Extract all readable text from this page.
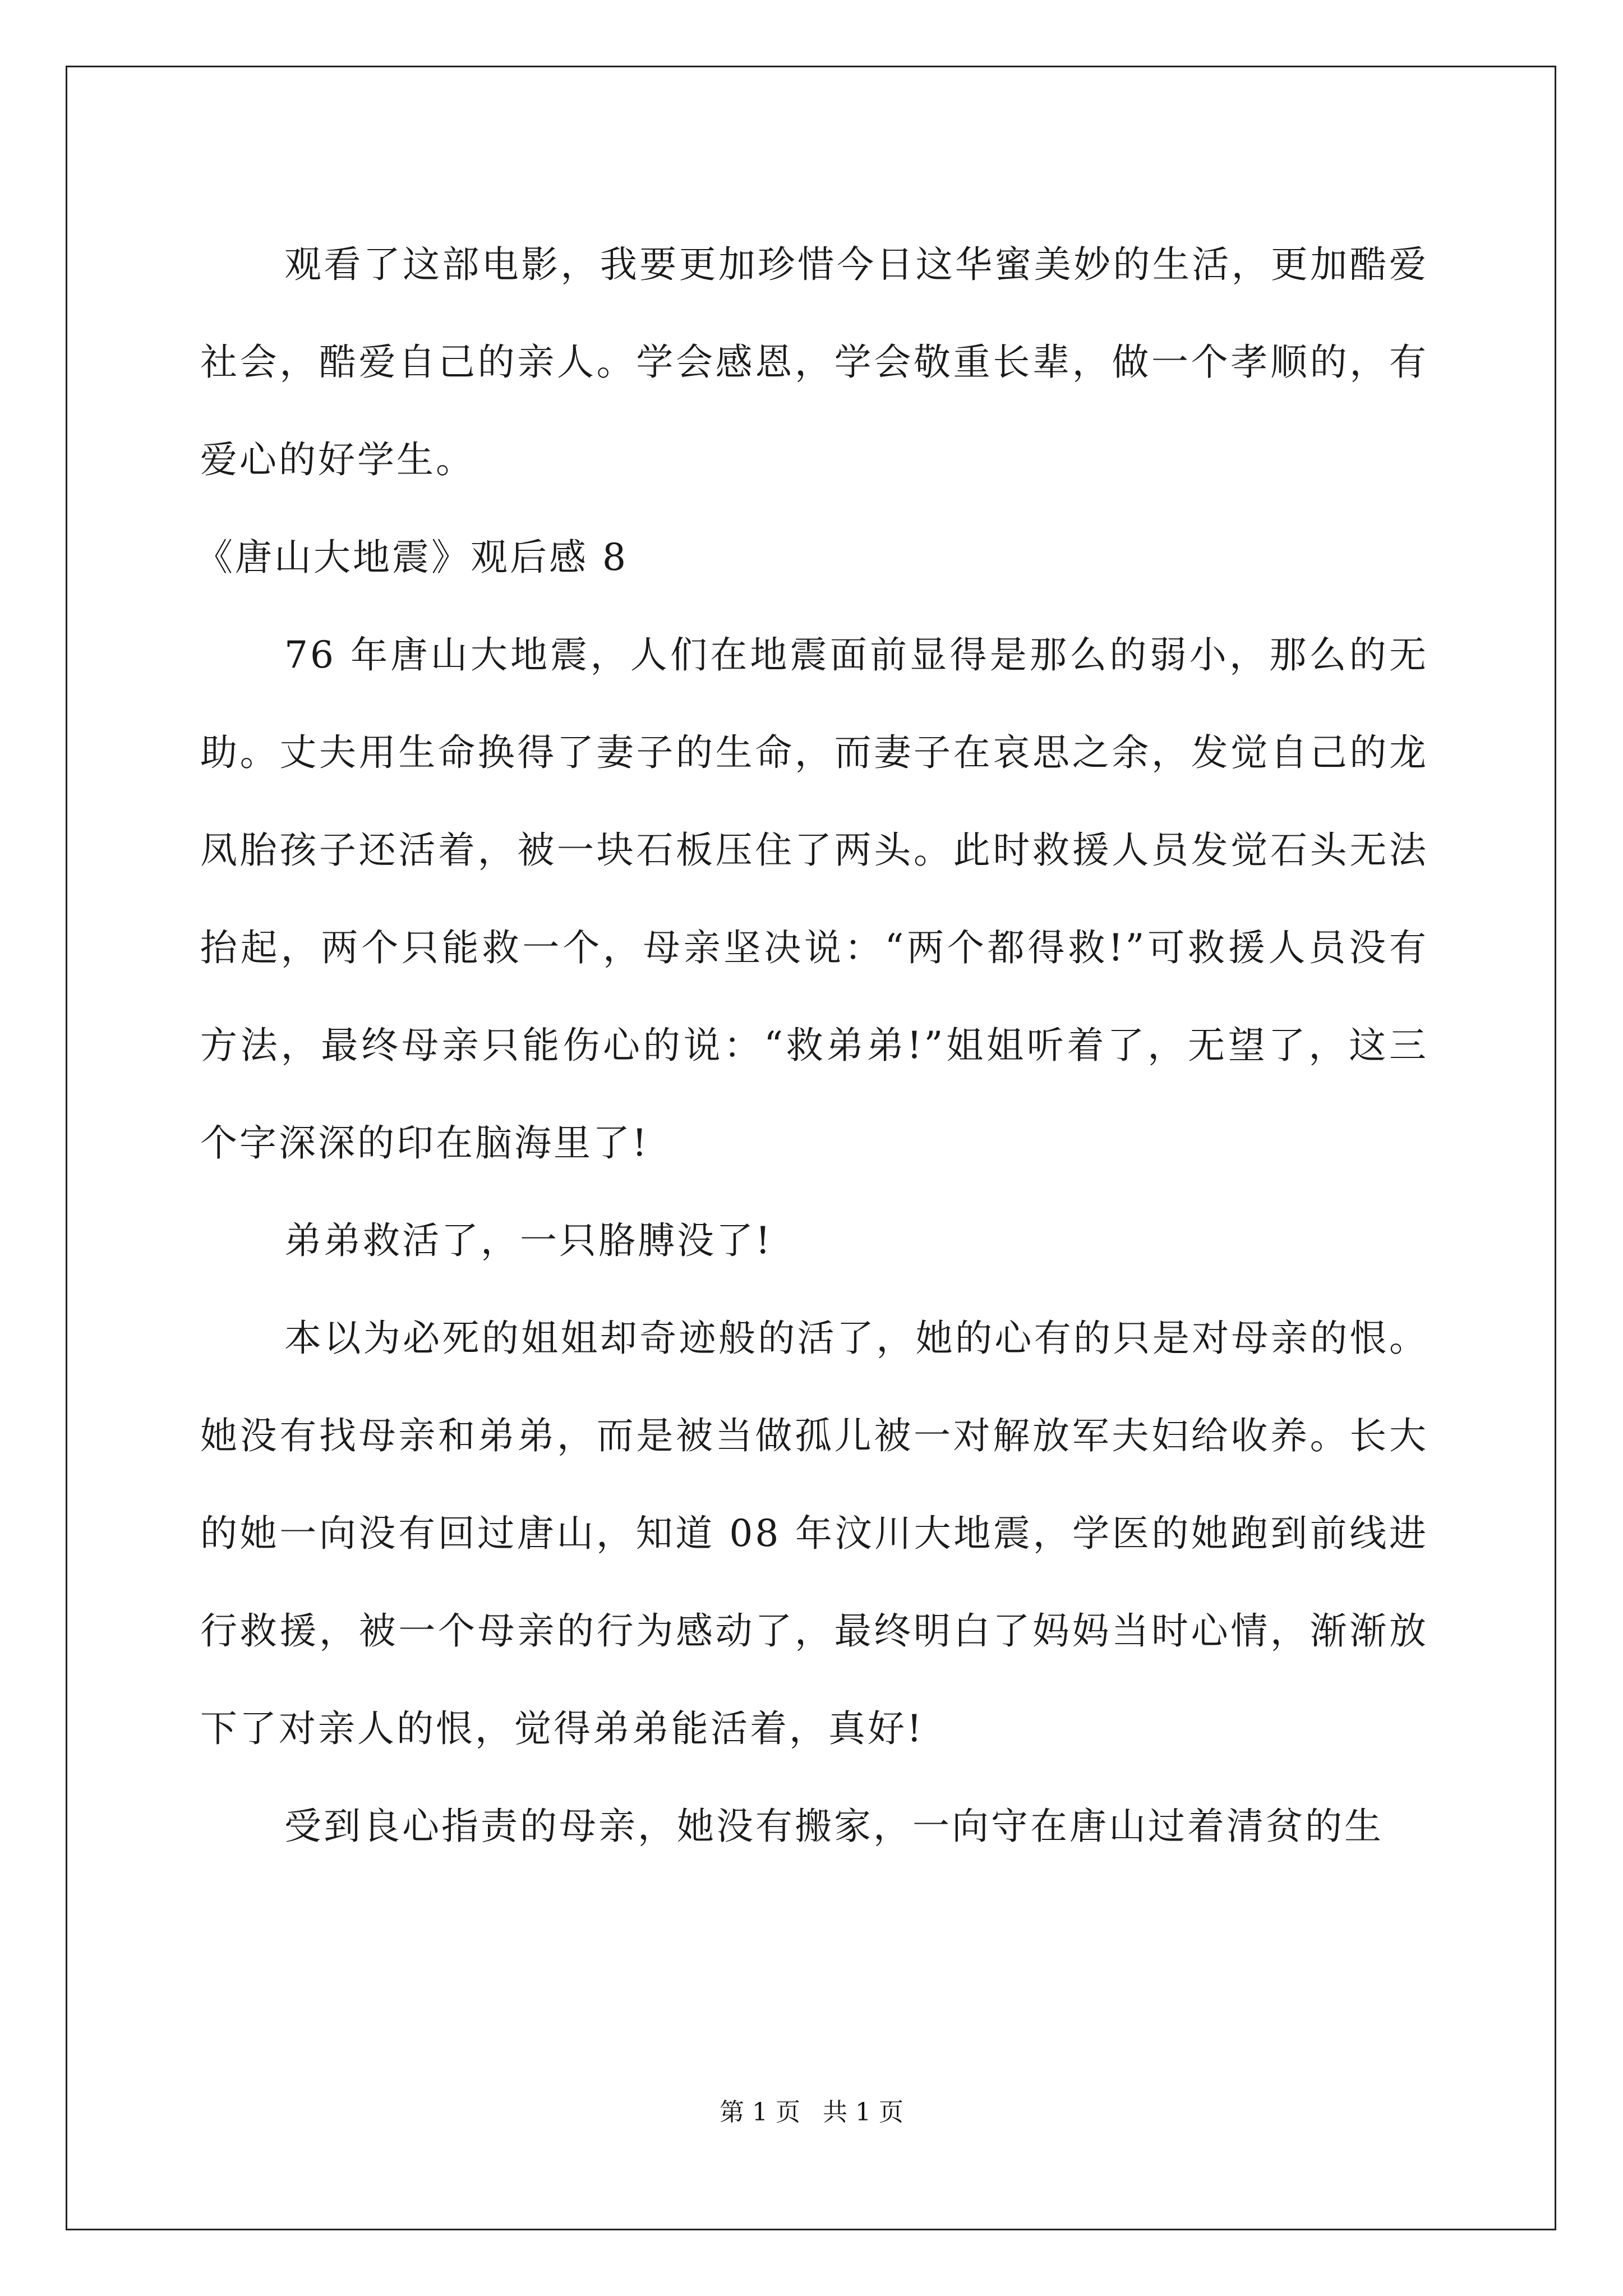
观看了这部电影，我要更加珍惜今日这华蜜美妙的生活，更加酷爱社会，酷爱自己的亲人。学会感恩，学会敬重长辈，做一个孝顺的，有爱心的好学生。

《唐山大地震》观后感 8

76 年唐山大地震，人们在地震面前显得是那么的弱小，那么的无助。丈夫用生命换得了妻子的生命，而妻子在哀思之余，发觉自己的龙凤胎孩子还活着，被一块石板压住了两头。此时救援人员发觉石头无法抬起，两个只能救一个，母亲坚决说：“两个都得救!”可救援人员没有方法，最终母亲只能伤心的说：“救弟弟!”姐姐听着了，无望了，这三个字深深的印在脑海里了!

弟弟救活了，一只胳膊没了!

本以为必死的姐姐却奇迹般的活了，她的心有的只是对母亲的恨。她没有找母亲和弟弟，而是被当做孤儿被一对解放军夫妇给收养。长大的她一向没有回过唐山，知道 08 年汶川大地震，学医的她跑到前线进行救援，被一个母亲的行为感动了，最终明白了妈妈当时心情，渐渐放下了对亲人的恨，觉得弟弟能活着，真好!

受到良心指责的母亲，她没有搬家，一向守在唐山过着清贫的生

第 1 页 共 1 页
